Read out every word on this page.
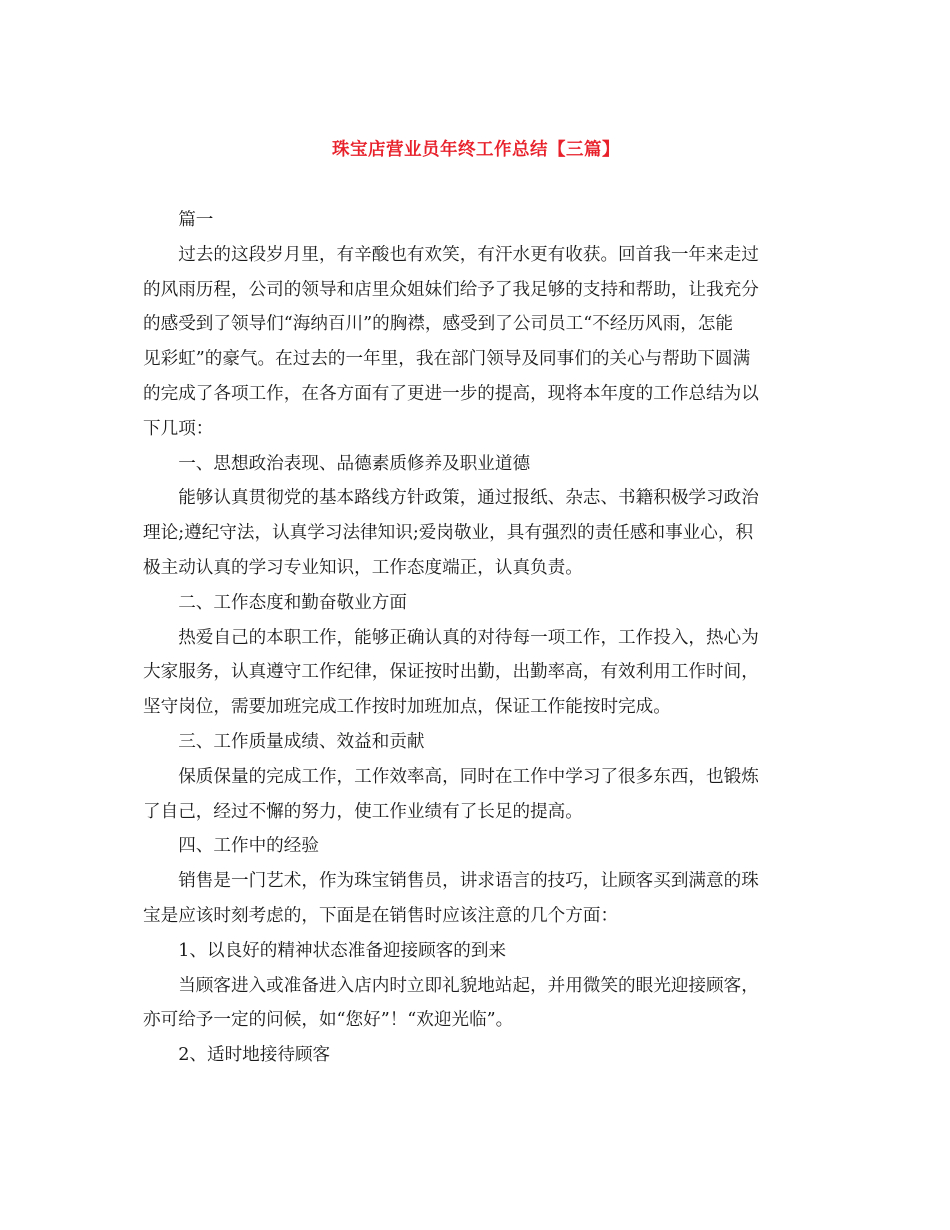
珠宝店营业员年终工作总结【三篇】

篇一

过去的这段岁月里，有辛酸也有欢笑，有汗水更有收获。回首我一年来走过
的风雨历程，公司的领导和店里众姐妹们给予了我足够的支持和帮助，让我充分
的感受到了领导们“海纳百川”的胸襟，感受到了公司员工“不经历风雨，怎能
见彩虹”的豪气。在过去的一年里，我在部门领导及同事们的关心与帮助下圆满
的完成了各项工作，在各方面有了更进一步的提高，现将本年度的工作总结为以
下几项：

一、思想政治表现、品德素质修养及职业道德

能够认真贯彻党的基本路线方针政策，通过报纸、杂志、书籍积极学习政治
理论;遵纪守法，认真学习法律知识;爱岗敬业，具有强烈的责任感和事业心，积
极主动认真的学习专业知识，工作态度端正，认真负责。

二、工作态度和勤奋敬业方面

热爱自己的本职工作，能够正确认真的对待每一项工作，工作投入，热心为
大家服务，认真遵守工作纪律，保证按时出勤，出勤率高，有效利用工作时间，
坚守岗位，需要加班完成工作按时加班加点，保证工作能按时完成。

三、工作质量成绩、效益和贡献

保质保量的完成工作，工作效率高，同时在工作中学习了很多东西，也锻炼
了自己，经过不懈的努力，使工作业绩有了长足的提高。

四、工作中的经验

销售是一门艺术，作为珠宝销售员，讲求语言的技巧，让顾客买到满意的珠
宝是应该时刻考虑的，下面是在销售时应该注意的几个方面：

1、以良好的精神状态准备迎接顾客的到来

当顾客进入或准备进入店内时立即礼貌地站起，并用微笑的眼光迎接顾客，
亦可给予一定的问候，如“您好”！“欢迎光临”。

2、适时地接待顾客
